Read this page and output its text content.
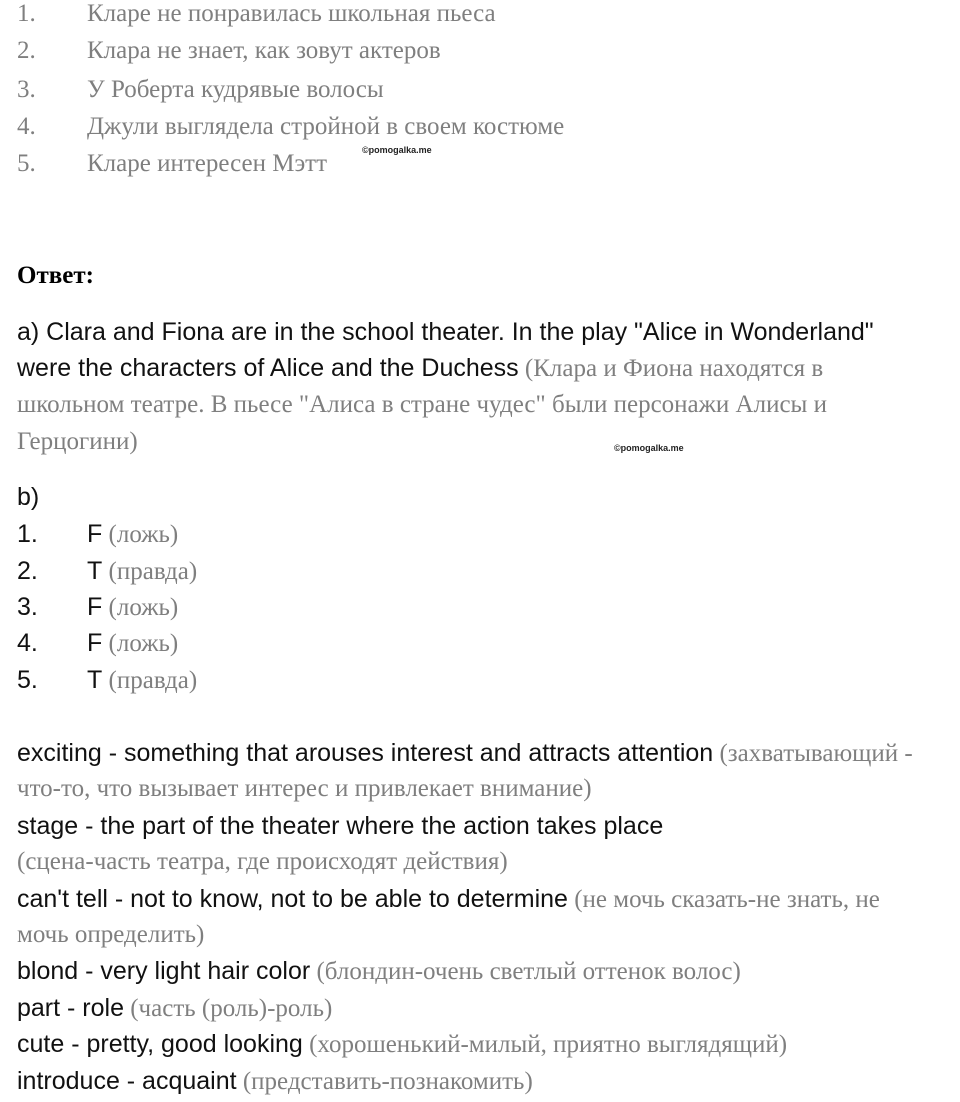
1. Кларе не понравилась школьная пьеса
2. Клара не знает, как зовут актеров
3. У Роберта кудрявые волосы
4. Джули выглядела стройной в своем костюме
5. Кларе интересен Мэтт	©pomogalka.me
Ответ:
a) Clara and Fiona are in the school theater. In the play "Alice in Wonderland"
were the characters of Alice and the Duchess (Клара и Фиона находятся в
школьном театре. В пьесе "Алиса в стране чудес" были персонажи Алисы и
Герцогини)	©pomogalka.me
b)
1. F (ложь)
2. T (правда)
3. F (ложь)
4. F (ложь)
5. T (правда)
exciting - something that arouses interest and attracts attention (захватывающий -
что-то, что вызывает интерес и привлекает внимание)
stage - the part of the theater where the action takes place
(сцена-часть театра, где происходят действия)
can't tell - not to know, not to be able to determine (не мочь сказать-не знать, не
мочь определить)
blond - very light hair color (блондин-очень светлый оттенок волос)
part - role (часть (роль)-роль)
cute - pretty, good looking (хорошенький-милый, приятно выглядящий)
introduce - acquaint (представить-познакомить)
